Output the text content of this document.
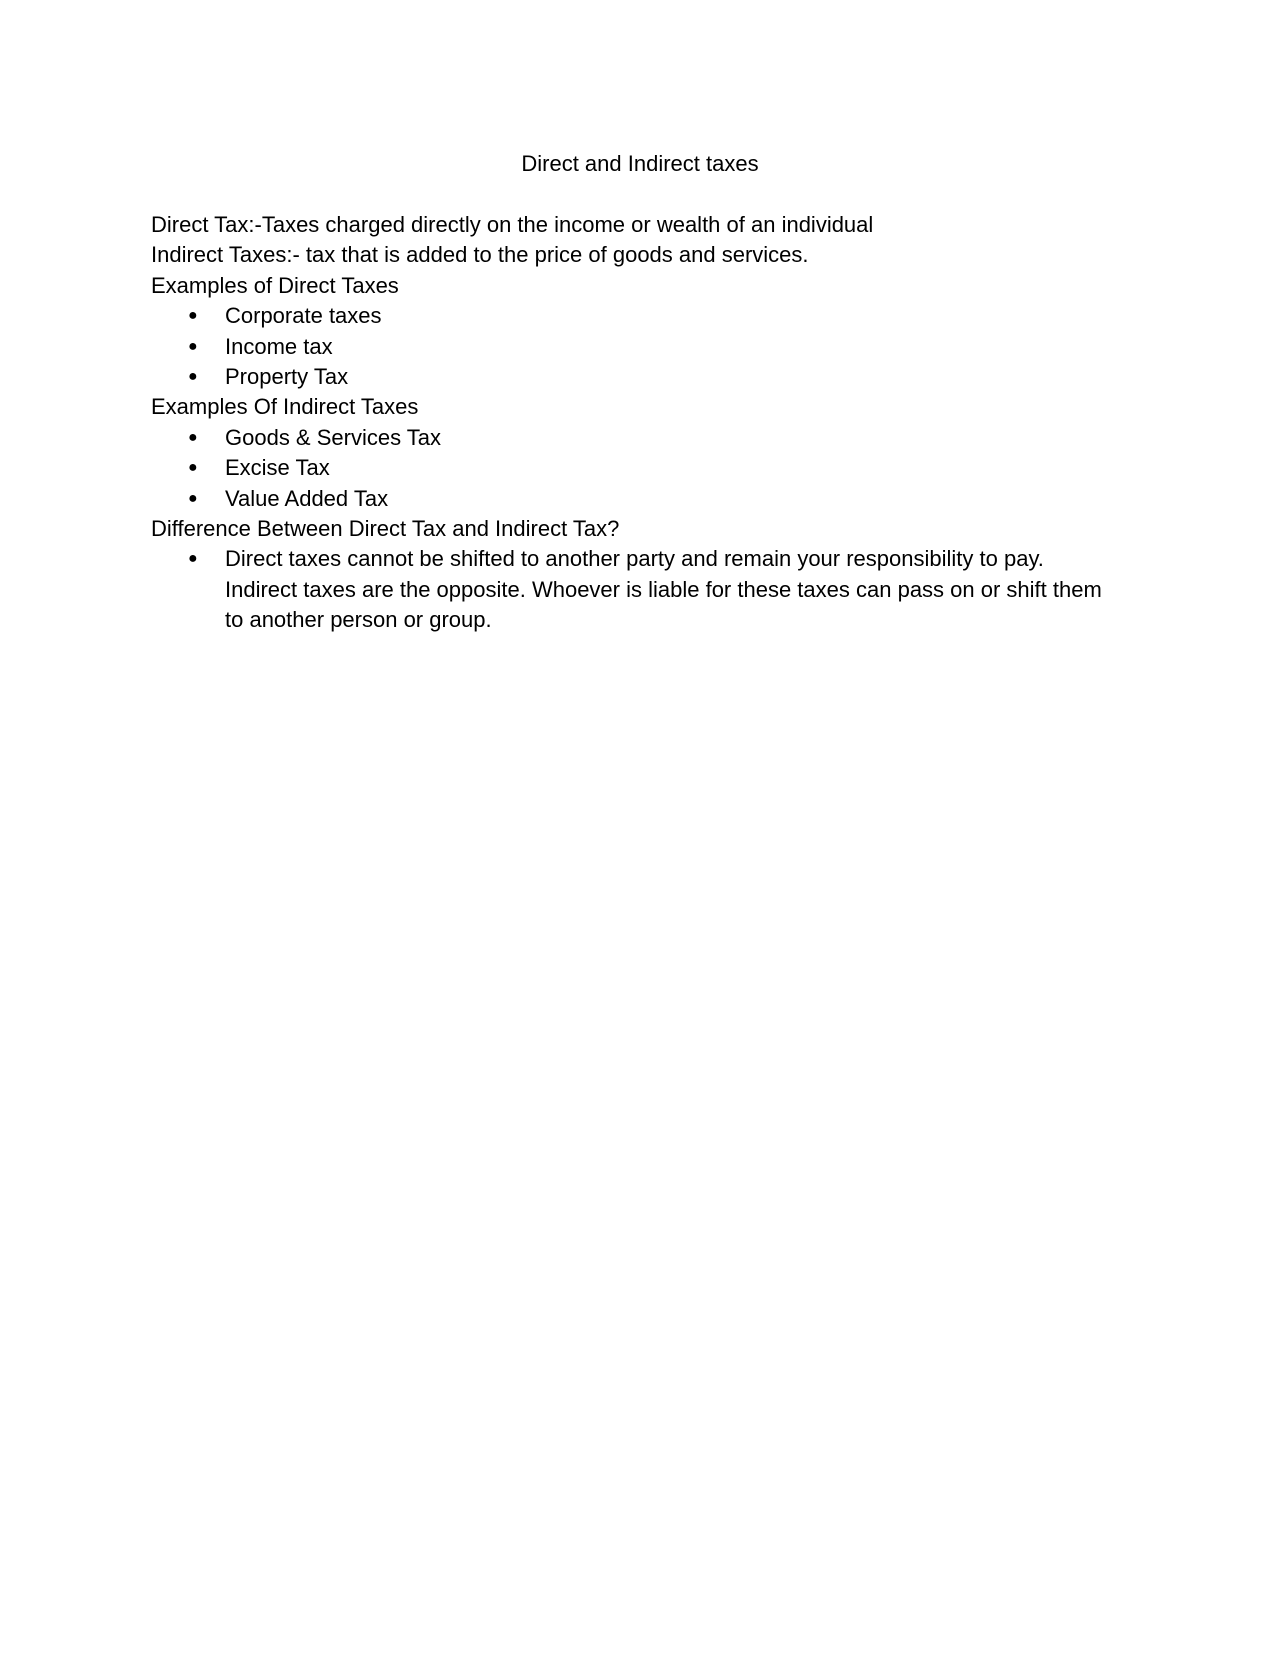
Direct and Indirect taxes

Direct Tax:-Taxes charged directly on the income or wealth of an individual

Indirect Taxes:- tax that is added to the price of goods and services.

Examples of Direct Taxes

● Corporate taxes
● Income tax
● Property Tax

Examples Of Indirect Taxes

● Goods & Services Tax
● Excise Tax
● Value Added Tax

Difference Between Direct Tax and Indirect Tax?

● Direct taxes cannot be shifted to another party and remain your responsibility to pay. Indirect taxes are the opposite. Whoever is liable for these taxes can pass on or shift them to another person or group.
